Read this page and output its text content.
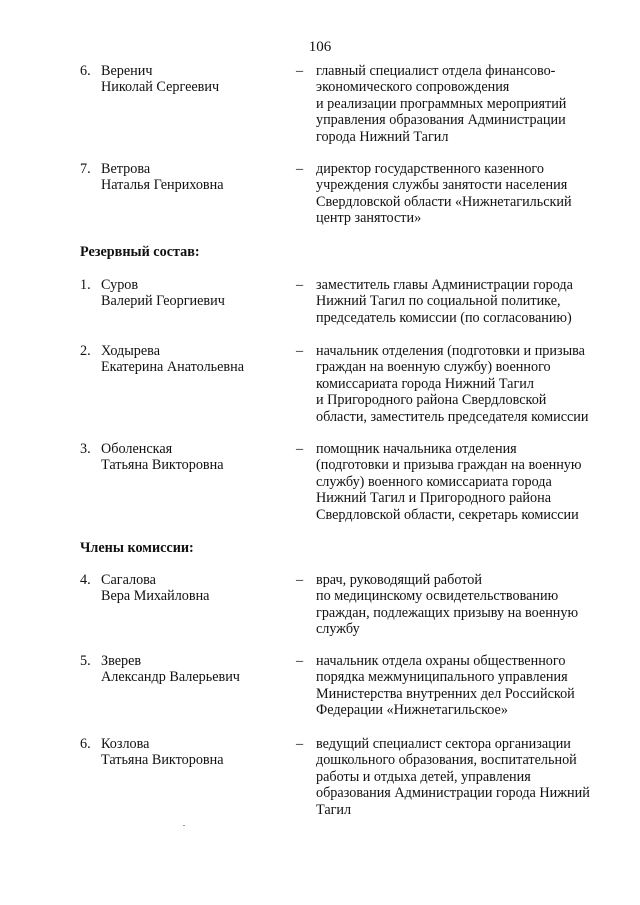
106
6. Веренич
Николай Сергеевич
– главный специалист отдела финансово-
экономического сопровождения
и реализации программных мероприятий
управления образования Администрации
города Нижний Тагил
7. Ветрова
Наталья Генриховна
– директор государственного казенного
учреждения службы занятости населения
Свердловской области «Нижнетагильский
центр занятости»
Резервный состав:
1. Суров
Валерий Георгиевич
– заместитель главы Администрации города
Нижний Тагил по социальной политике,
председатель комиссии (по согласованию)
2. Ходырева
Екатерина Анатольевна
– начальник отделения (подготовки и призыва
граждан на военную службу) военного
комиссариата города Нижний Тагил
и Пригородного района Свердловской
области, заместитель председателя комиссии
3. Оболенская
Татьяна Викторовна
– помощник начальника отделения
(подготовки и призыва граждан на военную
службу) военного комиссариата города
Нижний Тагил и Пригородного района
Свердловской области, секретарь комиссии
Члены комиссии:
4. Сагалова
Вера Михайловна
– врач, руководящий работой
по медицинскому освидетельствованию
граждан, подлежащих призыву на военную
службу
5. Зверев
Александр Валерьевич
– начальник отдела охраны общественного
порядка межмуниципального управления
Министерства внутренних дел Российской
Федерации «Нижнетагильское»
6. Козлова
Татьяна Викторовна
– ведущий специалист сектора организации
дошкольного образования, воспитательной
работы и отдыха детей, управления
образования Администрации города Нижний
Тагил
